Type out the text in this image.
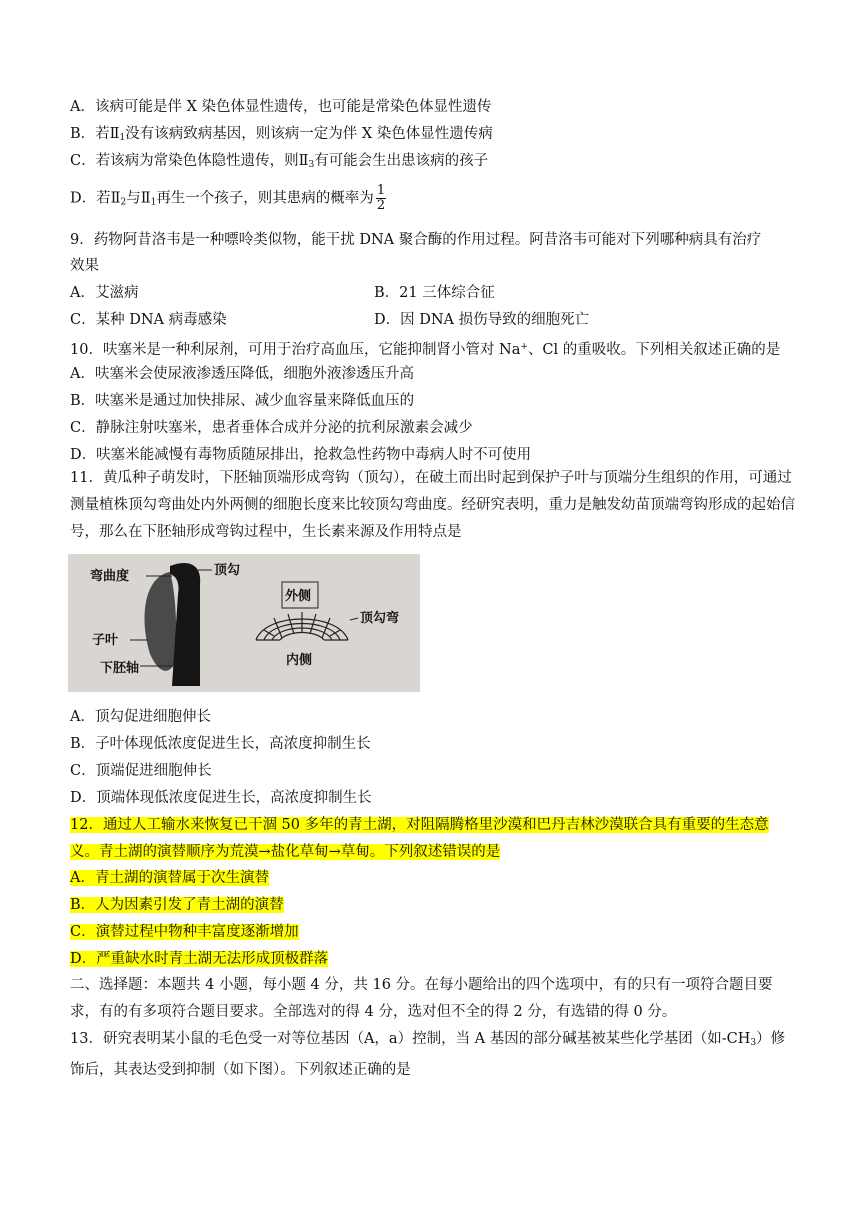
A．该病可能是伴 X 染色体显性遗传，也可能是常染色体显性遗传
B．若$Ⅱ_1$没有该病致病基因，则该病一定为伴 X 染色体显性遗传病
C．若该病为常染色体隐性遗传，则$Ⅱ_3$有可能会生出患该病的孩子
D．若$Ⅱ_2$与$Ⅱ_1$再生一个孩子，则其患病的概率为 $\frac{1}{2}$
9．药物阿昔洛韦是一种嘌呤类似物，能干扰 DNA 聚合酶的作用过程。阿昔洛韦可能对下列哪种病具有治疗
效果
A．艾滋病	B．21 三体综合征
C．某种 DNA 病毒感染	D．因 DNA 损伤导致的细胞死亡
10．呋塞米是一种利尿剂，可用于治疗高血压，它能抑制肾小管对 Na+、Cl 的重吸收。下列相关叙述正确的是
A．呋塞米会使尿液渗透压降低，细胞外液渗透压升高
B．呋塞米是通过加快排尿、减少血容量来降低血压的
C．静脉注射呋塞米，患者垂体合成并分泌的抗利尿激素会减少
D．呋塞米能减慢有毒物质随尿排出，抢救急性药物中毒病人时不可使用
11．黄瓜种子萌发时，下胚轴顶端形成弯钩（顶勾），在破土而出时起到保护子叶与顶端分生组织的作用，可通过测量植株顶勾弯曲处内外两侧的细胞长度来比较顶勾弯曲度。经研究表明，重力是触发幼苗顶端弯钩形成的起始信号，那么在下胚轴形成弯钩过程中，生长素来源及作用特点是
弯曲度	顶勾
子叶
下胚轴
外侧
内侧
顶勾弯
A．顶勾促进细胞伸长
B．子叶体现低浓度促进生长，高浓度抑制生长
C．顶端促进细胞伸长
D．顶端体现低浓度促进生长，高浓度抑制生长
12．通过人工输水来恢复已干涸 50 多年的青土湖，对阻隔腾格里沙漠和巴丹吉林沙漠联合具有重要的生态意
义。青土湖的演替顺序为荒漠→盐化草甸→草甸。下列叙述错误的是
A．青土湖的演替属于次生演替
B．人为因素引发了青土湖的演替
C．演替过程中物种丰富度逐渐增加
D．严重缺水时青土湖无法形成顶极群落
二、选择题：本题共 4 小题，每小题 4 分，共 16 分。在每小题给出的四个选项中，有的只有一项符合题目要求，有的有多项符合题目要求。全部选对的得 4 分，选对但不全的得 2 分，有选错的得 0 分。
13．研究表明某小鼠的毛色受一对等位基因（A，a）控制，当 A 基因的部分碱基被某些化学基团（如$-CH_3$）修饰后，其表达受到抑制（如下图）。下列叙述正确的是
